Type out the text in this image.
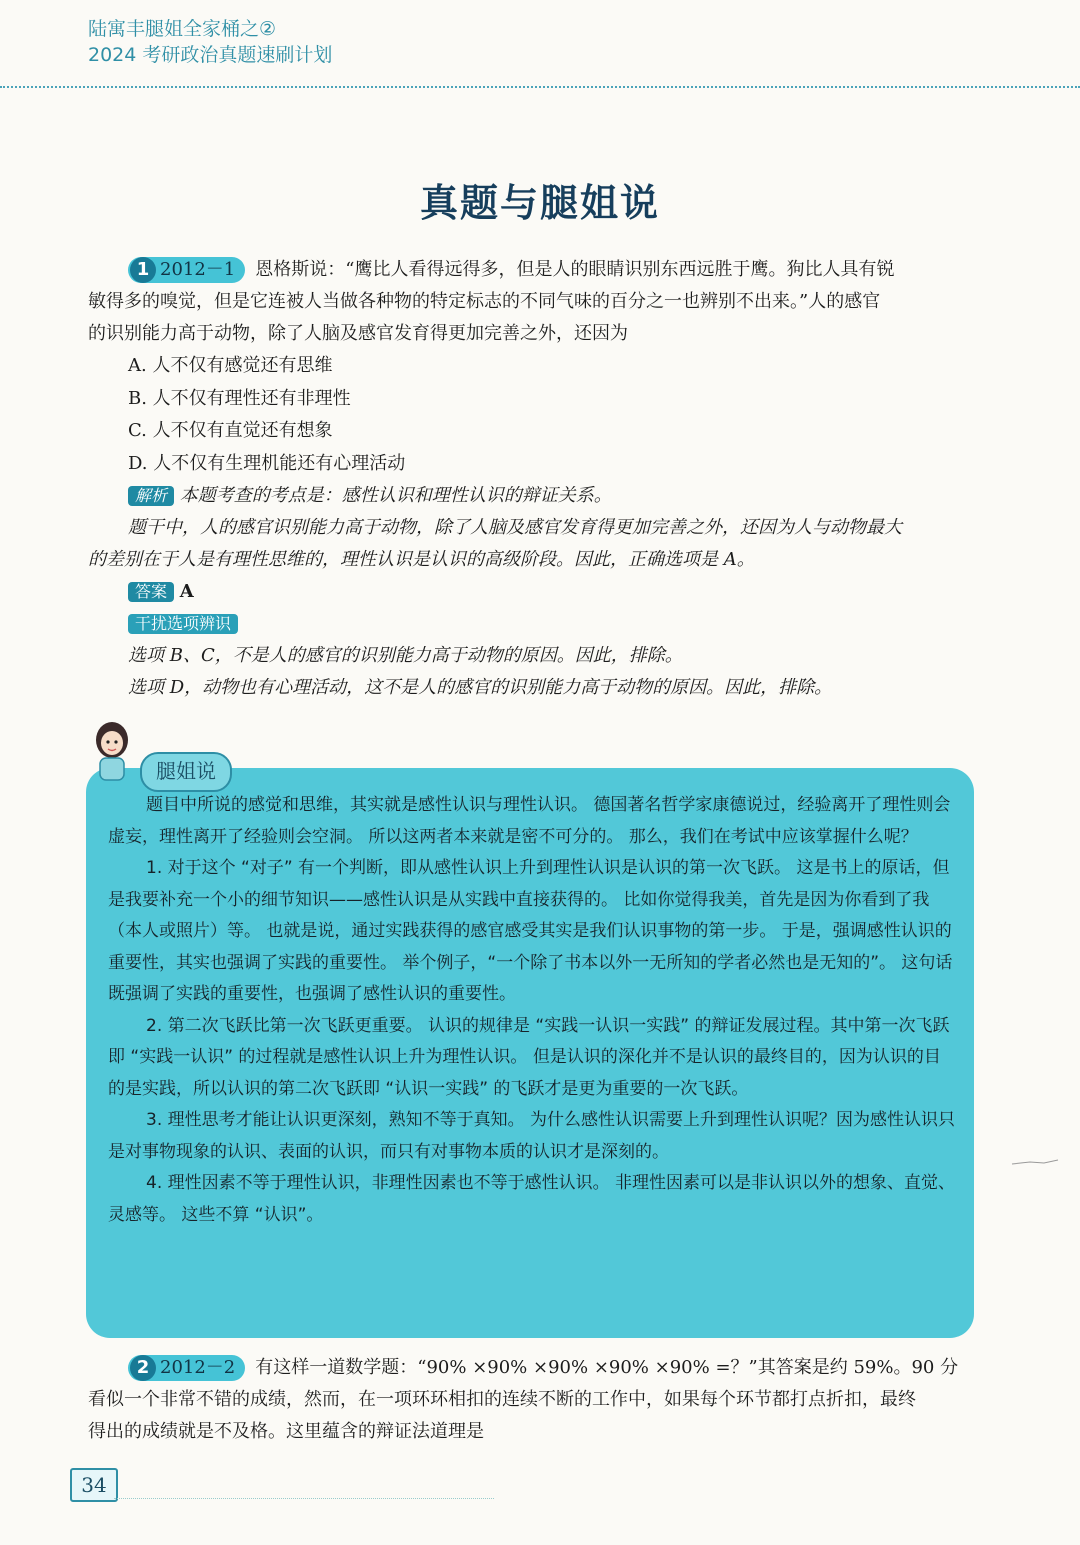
陆寓丰腿姐全家桶之②
2024 考研政治真题速刷计划
真题与腿姐说

1 2012－1 恩格斯说：“鹰比人看得远得多，但是人的眼睛识别东西远胜于鹰。狗比人具有锐

敏得多的嗅觉，但是它连被人当做各种物的特定标志的不同气味的百分之一也辨别不出来。”人的感官

的识别能力高于动物，除了人脑及感官发育得更加完善之外，还因为

A. 人不仅有感觉还有思维
B. 人不仅有理性还有非理性
C. 人不仅有直觉还有想象
D. 人不仅有生理机能还有心理活动

解析 本题考查的考点是：感性认识和理性认识的辩证关系。

题干中，人的感官识别能力高于动物，除了人脑及感官发育得更加完善之外，还因为人与动物最大

的差别在于人是有理性思维的，理性认识是认识的高级阶段。因此，正确选项是 A。

答案 A

干扰选项辨识

选项 B、C，不是人的感官的识别能力高于动物的原因。因此，排除。

选项 D，动物也有心理活动，这不是人的感官的识别能力高于动物的原因。因此，排除。

腿姐说

题目中所说的感觉和思维，其实就是感性认识与理性认识。 德国著名哲学家康德说过，经验离开了理性则会虚妄，理性离开了经验则会空洞。 所以这两者本来就是密不可分的。 那么，我们在考试中应该掌握什么呢？

1. 对于这个 “对子” 有一个判断，即从感性认识上升到理性认识是认识的第一次飞跃。 这是书上的原话，但是我要补充一个小的细节知识——感性认识是从实践中直接获得的。 比如你觉得我美，首先是因为你看到了我（本人或照片）等。 也就是说，通过实践获得的感官感受其实是我们认识事物的第一步。 于是，强调感性认识的重要性，其实也强调了实践的重要性。 举个例子，“一个除了书本以外一无所知的学者必然也是无知的”。 这句话既强调了实践的重要性，也强调了感性认识的重要性。

2. 第二次飞跃比第一次飞跃更重要。 认识的规律是 “实践一认识一实践” 的辩证发展过程。其中第一次飞跃即 “实践一认识” 的过程就是感性认识上升为理性认识。 但是认识的深化并不是认识的最终目的，因为认识的目的是实践，所以认识的第二次飞跃即 “认识一实践” 的飞跃才是更为重要的一次飞跃。

3. 理性思考才能让认识更深刻，熟知不等于真知。 为什么感性认识需要上升到理性认识呢？因为感性认识只是对事物现象的认识、表面的认识，而只有对事物本质的认识才是深刻的。

4. 理性因素不等于理性认识，非理性因素也不等于感性认识。 非理性因素可以是非认识以外的想象、直觉、灵感等。 这些不算 “认识”。

2 2012－2 有这样一道数学题：“90% ×90% ×90% ×90% ×90% =？”其答案是约 59%。90 分

看似一个非常不错的成绩，然而，在一项环环相扣的连续不断的工作中，如果每个环节都打点折扣，最终

得出的成绩就是不及格。这里蕴含的辩证法道理是

34
